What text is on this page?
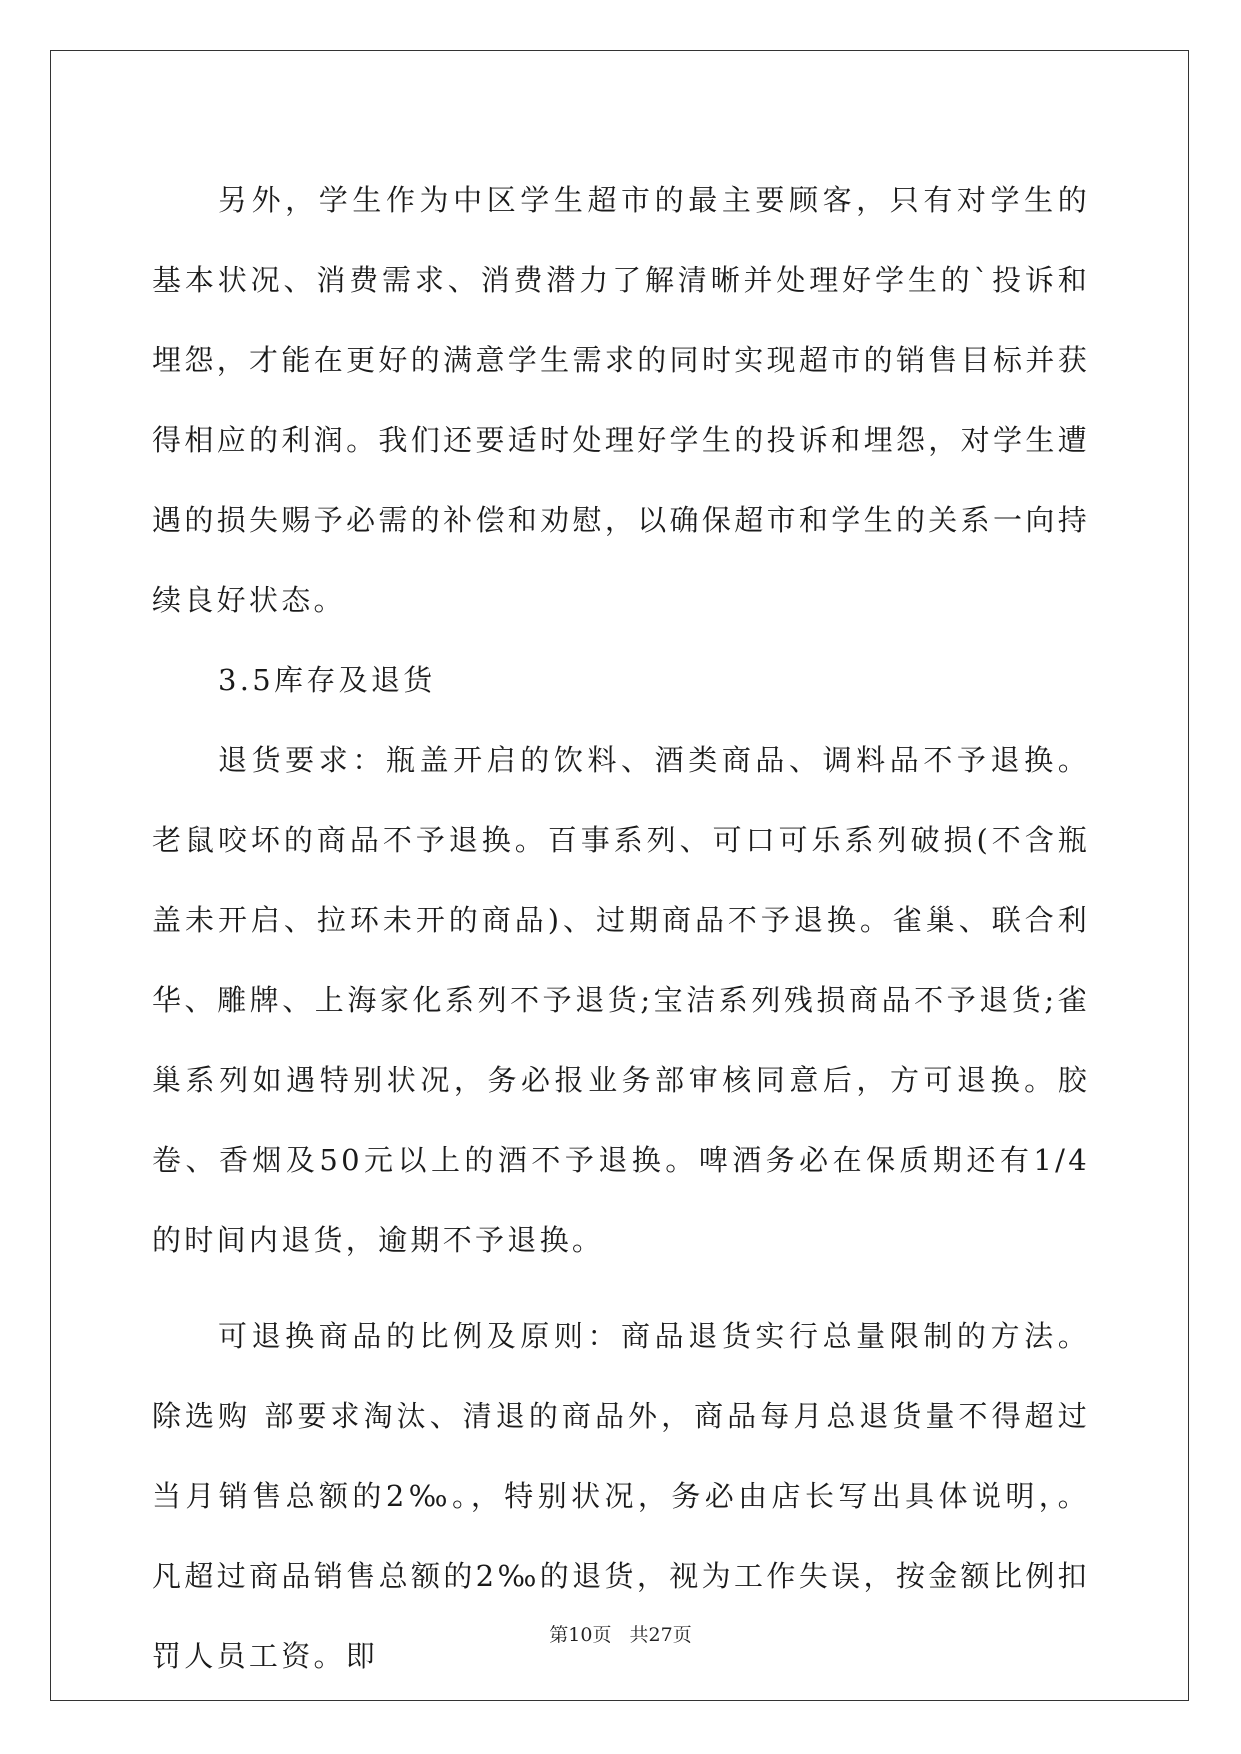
另外，学生作为中区学生超市的最主要顾客，只有对学生的基本状况、消费需求、消费潜力了解清晰并处理好学生的`投诉和埋怨，才能在更好的满意学生需求的同时实现超市的销售目标并获得相应的利润。我们还要适时处理好学生的投诉和埋怨，对学生遭遇的损失赐予必需的补偿和劝慰，以确保超市和学生的关系一向持续良好状态。

3.5库存及退货

退货要求：瓶盖开启的饮料、酒类商品、调料品不予退换。老鼠咬坏的商品不予退换。百事系列、可口可乐系列破损(不含瓶盖未开启、拉环未开的商品)、过期商品不予退换。雀巢、联合利华、雕牌、上海家化系列不予退货;宝洁系列残损商品不予退货;雀巢系列如遇特别状况，务必报业务部审核同意后，方可退换。胶卷、香烟及50元以上的酒不予退换。啤酒务必在保质期还有1/4的时间内退货，逾期不予退换。

可退换商品的比例及原则：商品退货实行总量限制的方法。除选购 部要求淘汰、清退的商品外，商品每月总退货量不得超过当月销售总额的2‰。，特别状况，务必由店长写出具体说明，。凡超过商品销售总额的2‰的退货，视为工作失误，按金额比例扣罚人员工资。即

第10页 共27页
